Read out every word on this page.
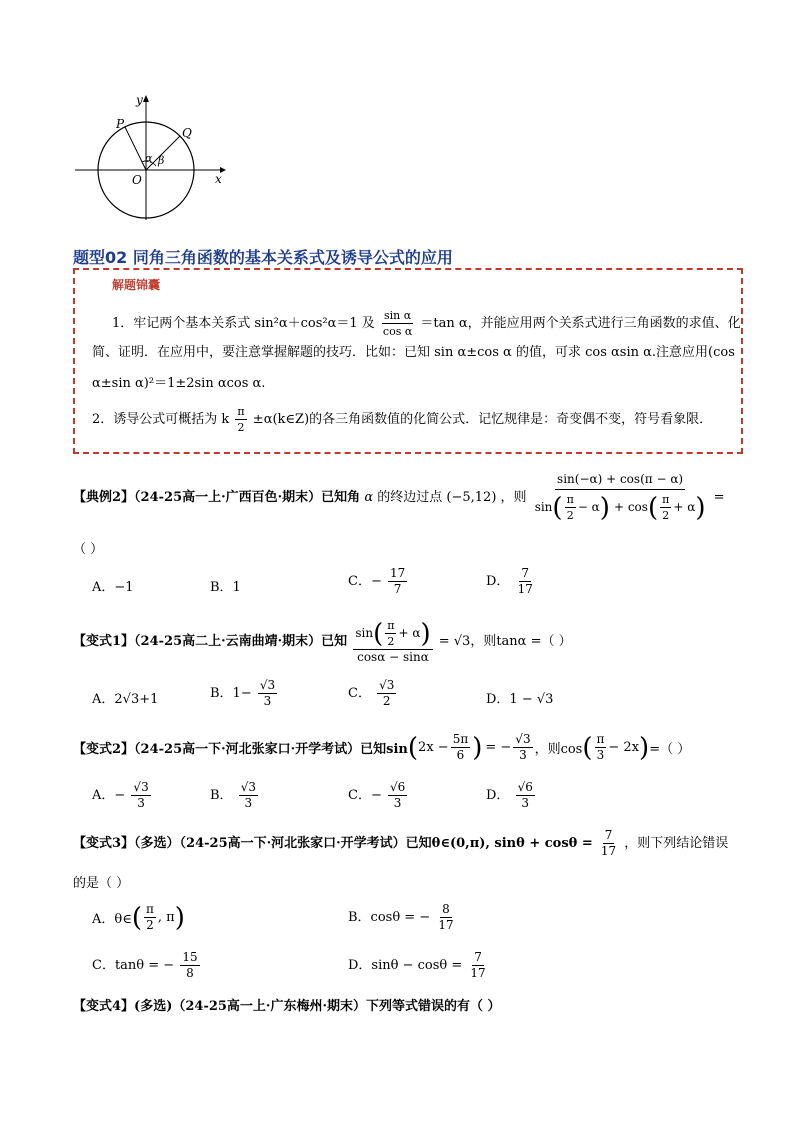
y
x
O
P
Q
α β
题型02 同角三角函数的基本关系式及诱导公式的应用
解题锦囊
1．牢记两个基本关系式 sin²α＋cos²α＝1 及 $\frac{\text{sin α}}{\text{cos α}} =\tan$ α，并能应用两个关系式进行三角函数的求值、化
简、证明．在应用中，要注意掌握解题的技巧．比如：已知 sin α±cos α 的值，可求 cos αsin α.注意应用(cos
α±sin α)²＝1±2sin αcos α.
2．诱导公式可概括为 k $\frac{\pi}{2}$ ±α(k∈Z)的各三角函数值的化简公式．记忆规律是：奇变偶不变，符号看象限．
【典例2】（24-25高一上·广西百色·期末）已知角 α 的终边过点 (−5,12) ，则
sin(−α) + cos(π − α)
sin ( $\frac{\pi}{2} - \alpha$ ) + cos ( $\frac{\pi}{2} + \alpha$ ) =
（ ）
A．−1	B．1	C．− $\frac{17}{7}$	D． $\frac{7}{17}$
【变式1】（24-25高二上·云南曲靖·期末）已知
sin ( $\frac{\pi}{2} + \alpha$ )
cosα − sinα
= √3，则tanα =（ ）
A．2√3+1	B．$1- \frac{√3}{3}$	C． $\frac{√3}{2}$	D．1 − √3
【变式2】（24-25高一下·河北张家口·开学考试）已知sin ( $2x - \frac{5\pi}{6}$ ) = − $\frac{√3}{3}$ ，则cos ( $\frac{\pi}{3} - 2x$ ) =（ ）
A．− $\frac{√3}{3}$	B． $\frac{√3}{3}$	C．− $\frac{√6}{3}$	D． $\frac{√6}{3}$
【变式3】（多选）（24-25高一下·河北张家口·开学考试）已知θ∈(0,π), $\sin\theta + \cos\theta = \frac{7}{17}$ ，则下列结论错误
的是（ ）
A．θ∈ ( $\frac{\pi}{2}$ , π )	B．cosθ = − $\frac{8}{17}$
C．tanθ = − $\frac{15}{8}$	D．$\sin\theta - \cos\theta = \frac{7}{17}$
【变式4】(多选)（24-25高一上·广东梅州·期末）下列等式错误的有（ ）
